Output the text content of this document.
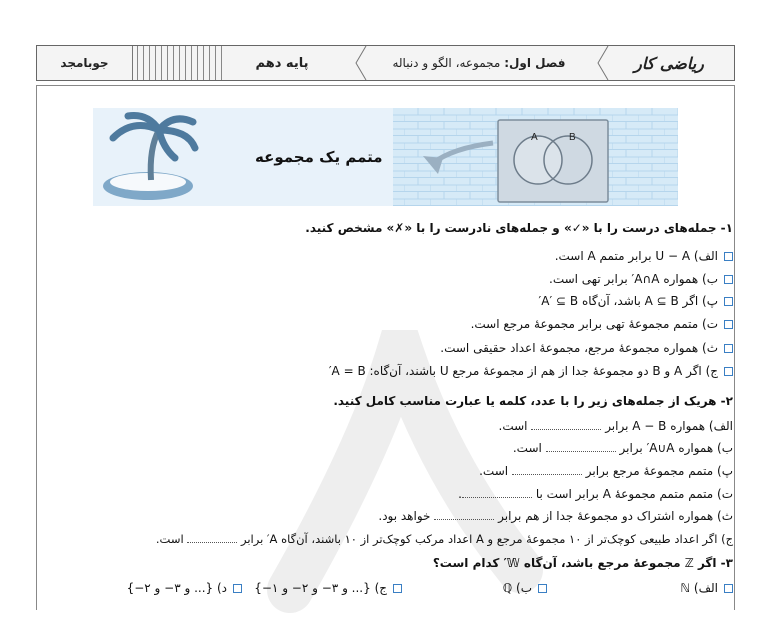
ریاضی کار
فصل اول:

مجموعه، الگو و دنباله
پایه دهم
جوبامجد
A	B
متمم یک مجموعه
۱- جمله‌های درست را با «✓» و جمله‌های نادرست را با «✗» مشخص کنید.
الف) U − A برابر متمم A است.
ب) همواره A∩A′ برابر تهی است.
پ) اگر A ⊆ B باشد، آن‌گاه A′ ⊆ B′
ت) متمم مجموعهٔ تهی برابر مجموعهٔ مرجع است.
ث) همواره مجموعهٔ مرجع، مجموعهٔ اعداد حقیقی است.
ج) اگر A و B دو مجموعهٔ جدا از هم از مجموعهٔ مرجع U باشند، آن‌گاه: A = B′
۲- هریک از جمله‌های زیر را با عدد، کلمه یا عبارت مناسب کامل کنید.
الف) همواره A − B برابر  است.
ب) همواره A∪A′ برابر  است.
پ) متمم مجموعهٔ مرجع برابر  است.
ت) متمم متمم مجموعهٔ A برابر است با .
ث) همواره اشتراک دو مجموعهٔ جدا از هم برابر  خواهد بود.
ج) اگر اعداد طبیعی کوچک‌تر از ۱۰ مجموعهٔ مرجع و A اعداد مرکب کوچک‌تر از ۱۰ باشند، آن‌گاه A′ برابر  است.
۳- اگر ℤ مجموعهٔ مرجع باشد، آن‌گاه 𝕎′ کدام است؟
الف) ℕ
ب) ℚ
ج) {... و ۳− و ۲− و ۱−}
د) {... و ۳− و ۲−}
